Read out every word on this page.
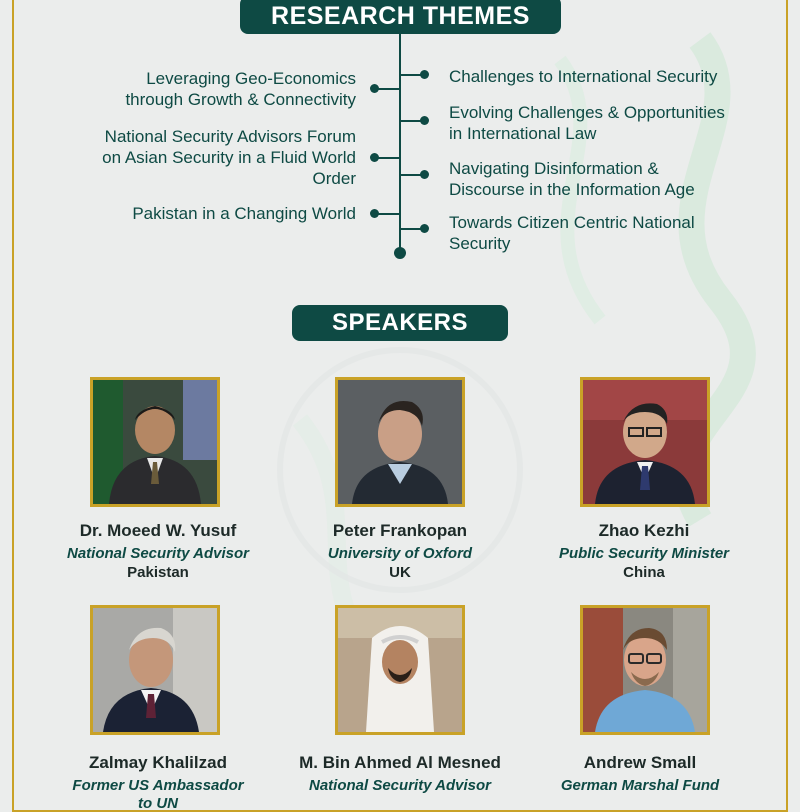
RESEARCH THEMES
Leveraging Geo-Economics
through Growth & Connectivity
National Security Advisors Forum
on Asian Security in a Fluid World
Order
Pakistan in a Changing World
Challenges to International Security
Evolving Challenges & Opportunities
in International Law
Navigating Disinformation &
Discourse in the Information Age
Towards Citizen Centric National
Security
SPEAKERS
Dr. Moeed W. Yusuf
National Security Advisor
Pakistan
Peter Frankopan
University of Oxford
UK
Zhao Kezhi
Public Security Minister
China
Zalmay Khalilzad
Former US Ambassador
to UN
M. Bin Ahmed Al Mesned
National Security Advisor
Andrew Small
German Marshal Fund
